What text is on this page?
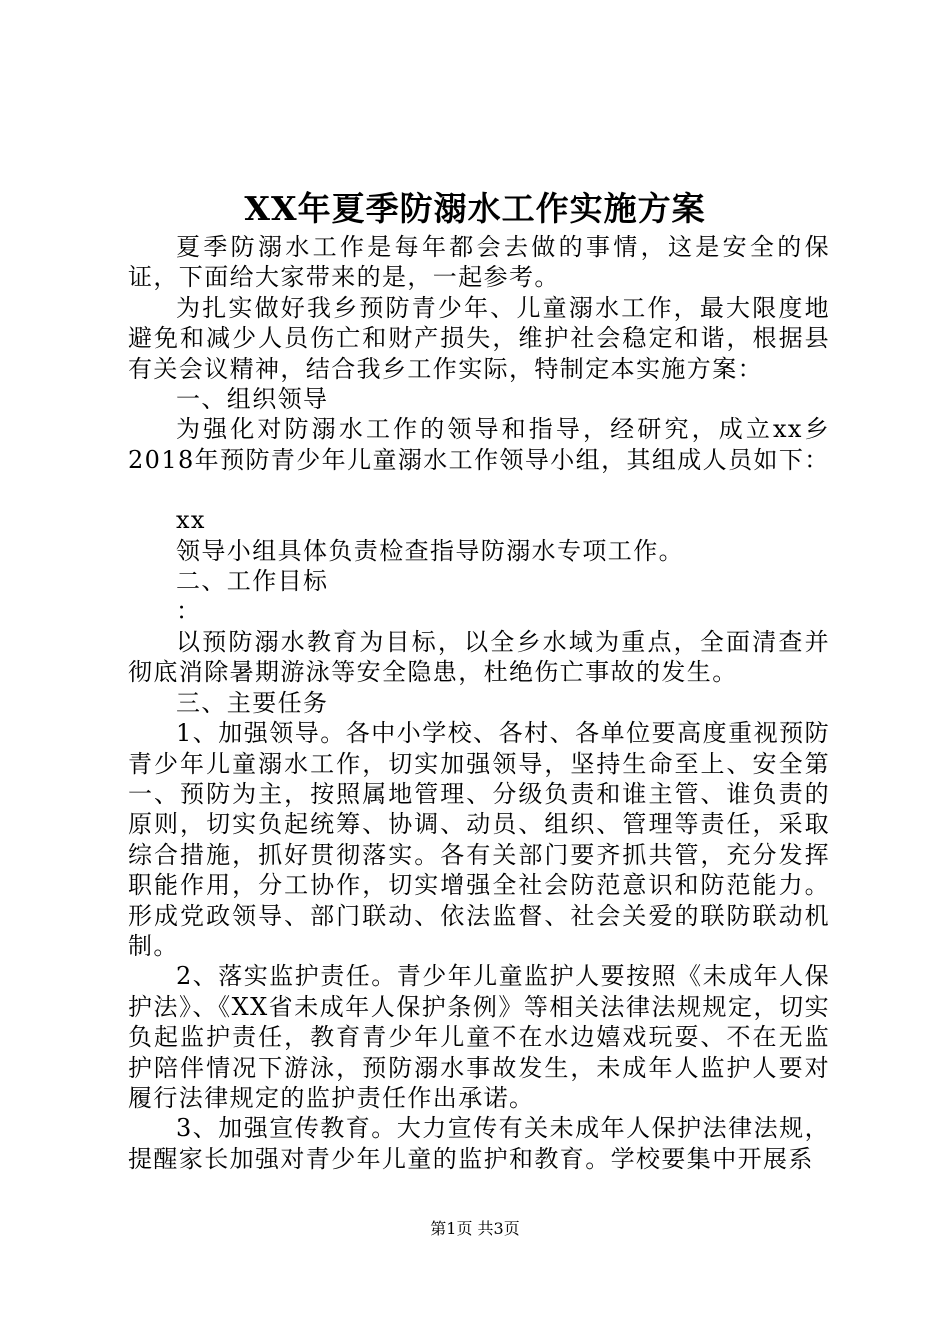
XX年夏季防溺水工作实施方案

夏季防溺水工作是每年都会去做的事情，这是安全的保证，下面给大家带来的是，一起参考。

为扎实做好我乡预防青少年、儿童溺水工作，最大限度地避免和减少人员伤亡和财产损失，维护社会稳定和谐，根据县有关会议精神，结合我乡工作实际，特制定本实施方案：

一、组织领导

为强化对防溺水工作的领导和指导，经研究，成立xx乡2018年预防青少年儿童溺水工作领导小组，其组成人员如下：

xx

领导小组具体负责检查指导防溺水专项工作。

二、工作目标

：

以预防溺水教育为目标，以全乡水域为重点，全面清查并彻底消除暑期游泳等安全隐患，杜绝伤亡事故的发生。

三、主要任务

1、加强领导。各中小学校、各村、各单位要高度重视预防青少年儿童溺水工作，切实加强领导，坚持生命至上、安全第一、预防为主，按照属地管理、分级负责和谁主管、谁负责的原则，切实负起统筹、协调、动员、组织、管理等责任，采取综合措施，抓好贯彻落实。各有关部门要齐抓共管，充分发挥职能作用，分工协作，切实增强全社会防范意识和防范能力。形成党政领导、部门联动、依法监督、社会关爱的联防联动机制。

2、落实监护责任。青少年儿童监护人要按照《未成年人保护法》、《XX省未成年人保护条例》等相关法律法规规定，切实负起监护责任，教育青少年儿童不在水边嬉戏玩耍、不在无监护陪伴情况下游泳，预防溺水事故发生，未成年人监护人要对履行法律规定的监护责任作出承诺。

3、加强宣传教育。大力宣传有关未成年人保护法律法规，提醒家长加强对青少年儿童的监护和教育。学校要集中开展系

第1页 共3页
